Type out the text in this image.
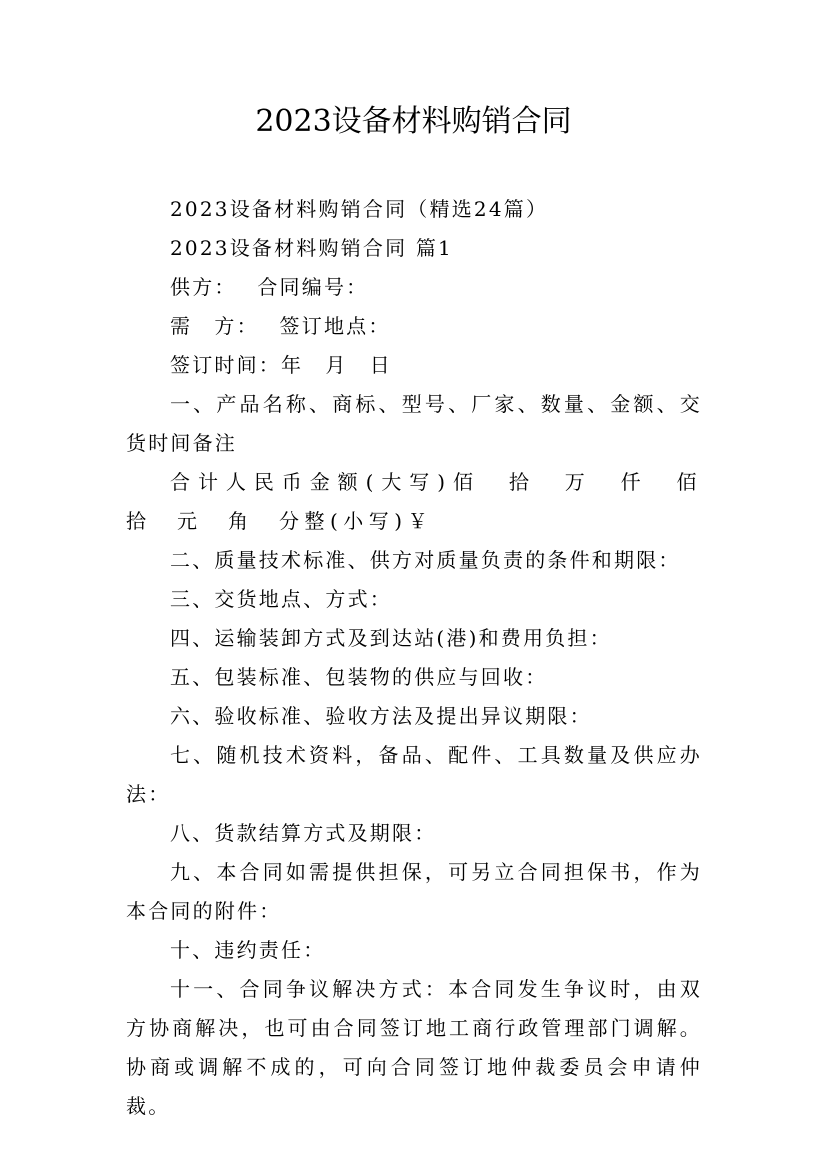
2023设备材料购销合同

2023设备材料购销合同（精选24篇）

2023设备材料购销合同 篇1

供方：　 合同编号：

需　方：　 签订地点：

签订时间：年　月　日

一、产品名称、商标、型号、厂家、数量、金额、交货时间备注

合计人民币金额(大写)佰　拾　万　仟　佰　拾　元　角　分整(小写)￥

二、质量技术标准、供方对质量负责的条件和期限：

三、交货地点、方式：

四、运输装卸方式及到达站(港)和费用负担：

五、包装标准、包装物的供应与回收：

六、验收标准、验收方法及提出异议期限：

七、随机技术资料，备品、配件、工具数量及供应办法：

八、货款结算方式及期限：

九、本合同如需提供担保，可另立合同担保书，作为本合同的附件：

十、违约责任：

十一、合同争议解决方式：本合同发生争议时，由双方协商解决，也可由合同签订地工商行政管理部门调解。协商或调解不成的，可向合同签订地仲裁委员会申请仲裁。
